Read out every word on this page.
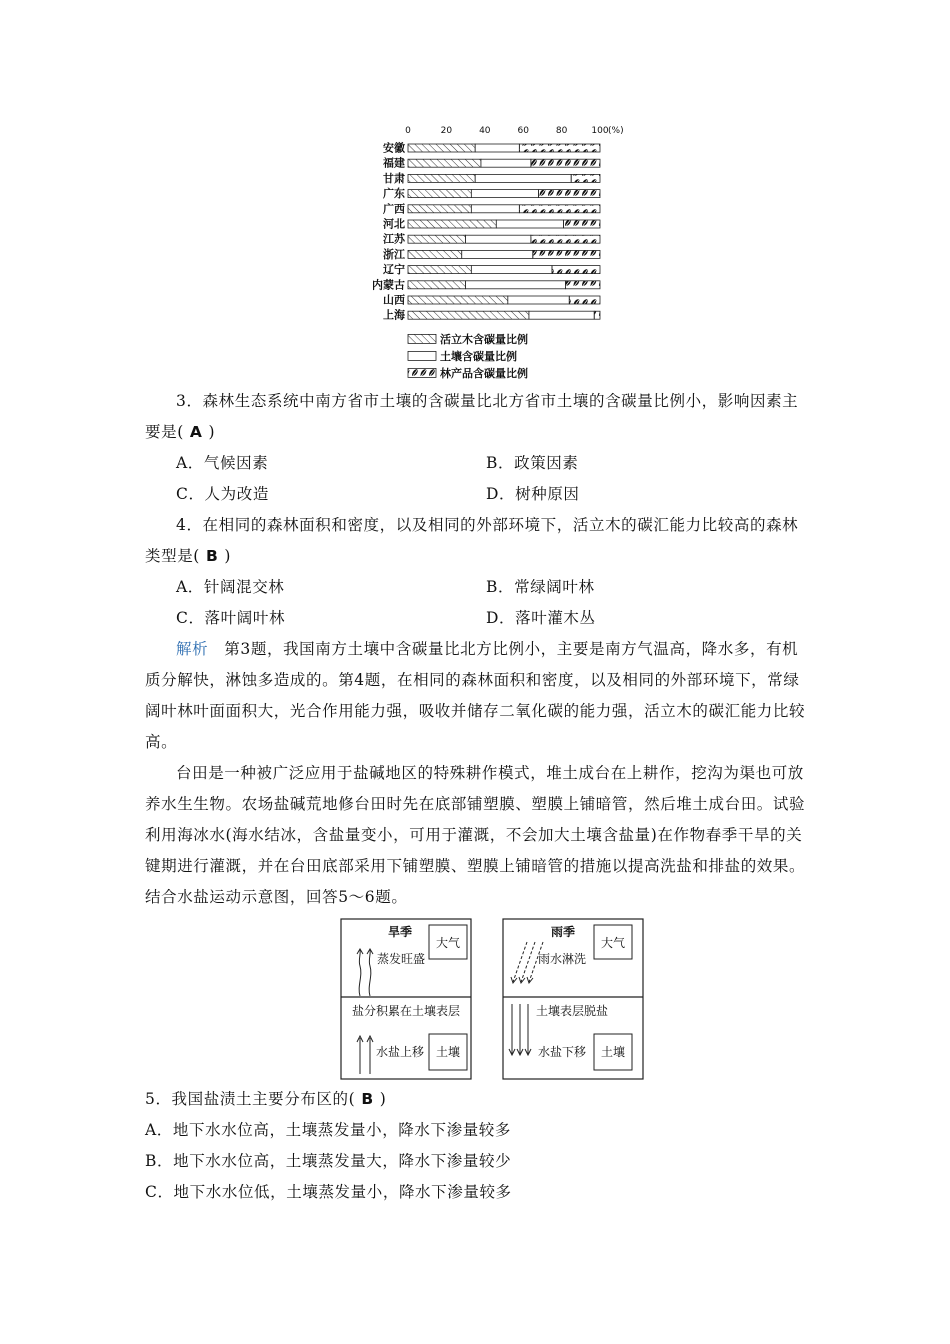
0	20	40	60	80	100 (%)
安徽
福建
甘肃
广东
广西
河北
江苏
浙江
辽宁
内蒙古
山西
上海
活立木含碳量比例
土壤含碳量比例
林产品含碳量比例

3．森林生态系统中南方省市土壤的含碳量比北方省市土壤的含碳量比例小，影响因素主要是( A )

A．气候因素	B．政策因素
C．人为改造	D．树种原因

4．在相同的森林面积和密度，以及相同的外部环境下，活立木的碳汇能力比较高的森林类型是( B )

A．针阔混交林	B．常绿阔叶林
C．落叶阔叶林	D．落叶灌木丛

解析　第3题，我国南方土壤中含碳量比北方比例小，主要是南方气温高，降水多，有机质分解快，淋蚀多造成的。第4题，在相同的森林面积和密度，以及相同的外部环境下，常绿阔叶林叶面面积大，光合作用能力强，吸收并储存二氧化碳的能力强，活立木的碳汇能力比较高。

台田是一种被广泛应用于盐碱地区的特殊耕作模式，堆土成台在上耕作，挖沟为渠也可放养水生生物。农场盐碱荒地修台田时先在底部铺塑膜、塑膜上铺暗管，然后堆土成台田。试验利用海冰水(海水结冰，含盐量变小，可用于灌溉，不会加大土壤含盐量)在作物春季干旱的关键期进行灌溉，并在台田底部采用下铺塑膜、塑膜上铺暗管的措施以提高洗盐和排盐的效果。结合水盐运动示意图，回答5～6题。

旱季
大气
蒸发旺盛
盐分积累在土壤表层
水盐上移 土壤
雨季
大气
雨水淋洗
土壤表层脱盐
水盐下移 土壤

5．我国盐渍土主要分布区的( B )

A．地下水水位高，土壤蒸发量小，降水下渗量较多

B．地下水水位高，土壤蒸发量大，降水下渗量较少

C．地下水水位低，土壤蒸发量小，降水下渗量较多
